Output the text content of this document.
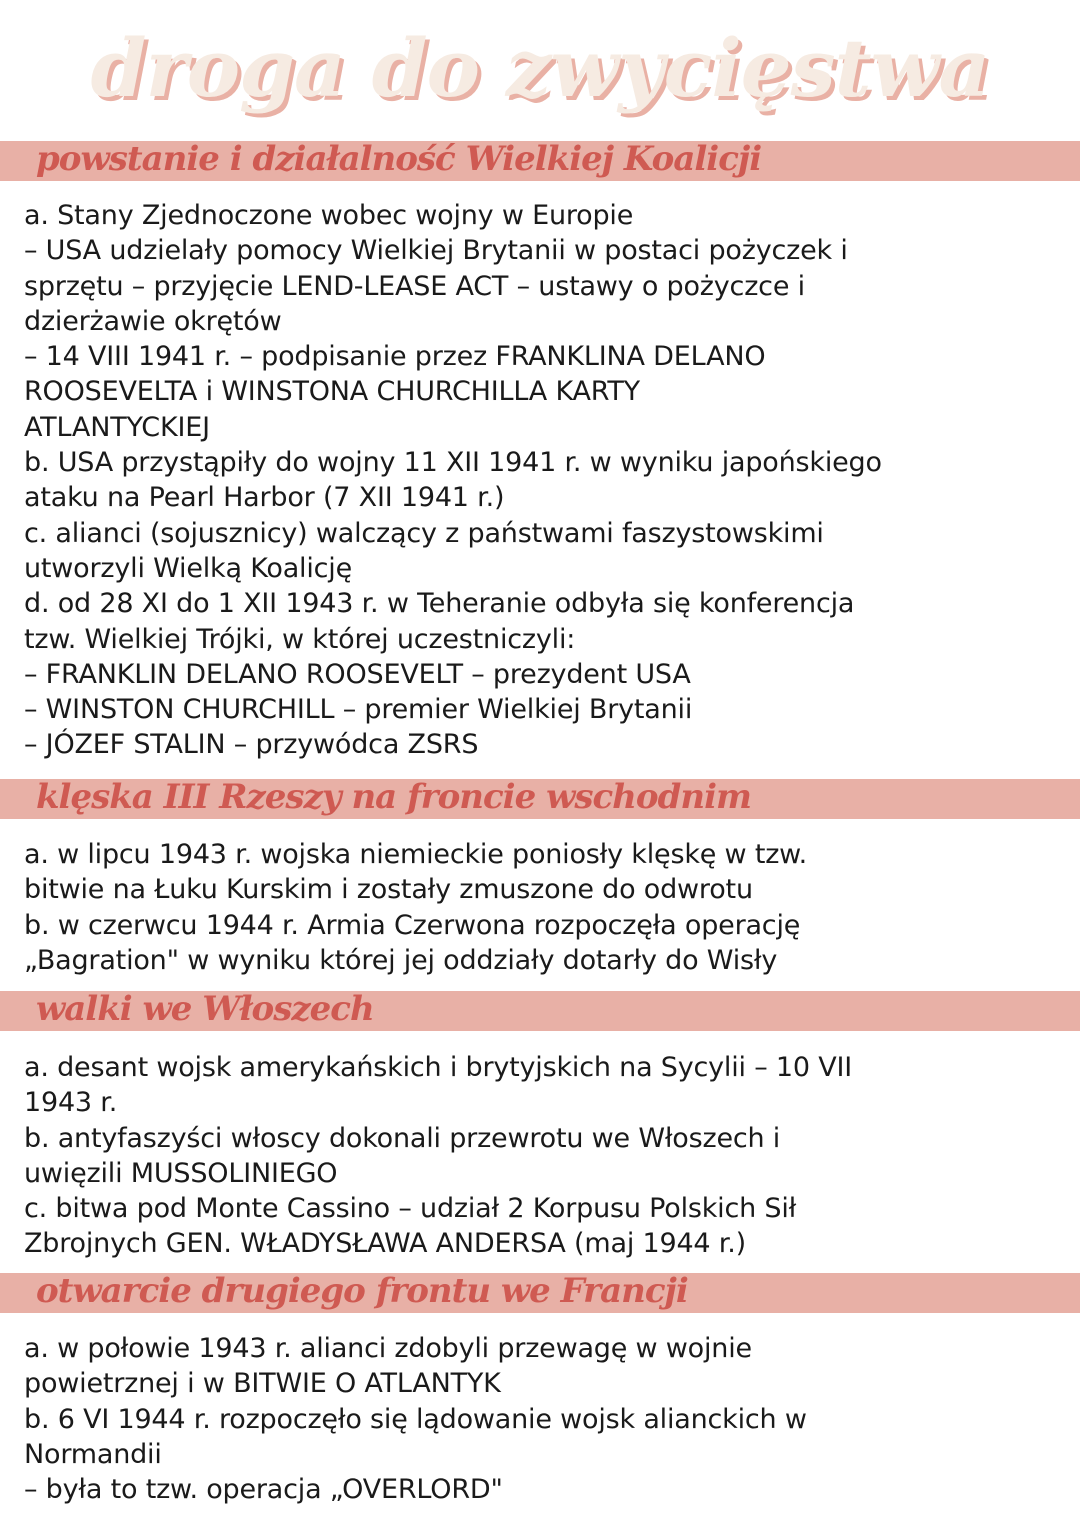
droga do zwycięstwa
powstanie i działalność Wielkiej Koalicji
a. Stany Zjednoczone wobec wojny w Europie
– USA udzielały pomocy Wielkiej Brytanii w postaci pożyczek i
sprzętu – przyjęcie LEND-LEASE ACT – ustawy o pożyczce i
dzierżawie okrętów
– 14 VIII 1941 r. – podpisanie przez FRANKLINA DELANO
ROOSEVELTA i WINSTONA CHURCHILLA KARTY
ATLANTYCKIEJ
b. USA przystąpiły do wojny 11 XII 1941 r. w wyniku japońskiego
ataku na Pearl Harbor (7 XII 1941 r.)
c. alianci (sojusznicy) walczący z państwami faszystowskimi
utworzyli Wielką Koalicję
d. od 28 XI do 1 XII 1943 r. w Teheranie odbyła się konferencja
tzw. Wielkiej Trójki, w której uczestniczyli:
– FRANKLIN DELANO ROOSEVELT – prezydent USA
– WINSTON CHURCHILL – premier Wielkiej Brytanii
– JÓZEF STALIN – przywódca ZSRS
klęska III Rzeszy na froncie wschodnim
a. w lipcu 1943 r. wojska niemieckie poniosły klęskę w tzw.
bitwie na Łuku Kurskim i zostały zmuszone do odwrotu
b. w czerwcu 1944 r. Armia Czerwona rozpoczęła operację
„Bagration" w wyniku której jej oddziały dotarły do Wisły
walki we Włoszech
a. desant wojsk amerykańskich i brytyjskich na Sycylii – 10 VII
1943 r.
b. antyfaszyści włoscy dokonali przewrotu we Włoszech i
uwięzili MUSSOLINIEGO
c. bitwa pod Monte Cassino – udział 2 Korpusu Polskich Sił
Zbrojnych GEN. WŁADYSŁAWA ANDERSA (maj 1944 r.)
otwarcie drugiego frontu we Francji
a. w połowie 1943 r. alianci zdobyli przewagę w wojnie
powietrznej i w BITWIE O ATLANTYK
b. 6 VI 1944 r. rozpoczęło się lądowanie wojsk alianckich w
Normandii
– była to tzw. operacja „OVERLORD"
